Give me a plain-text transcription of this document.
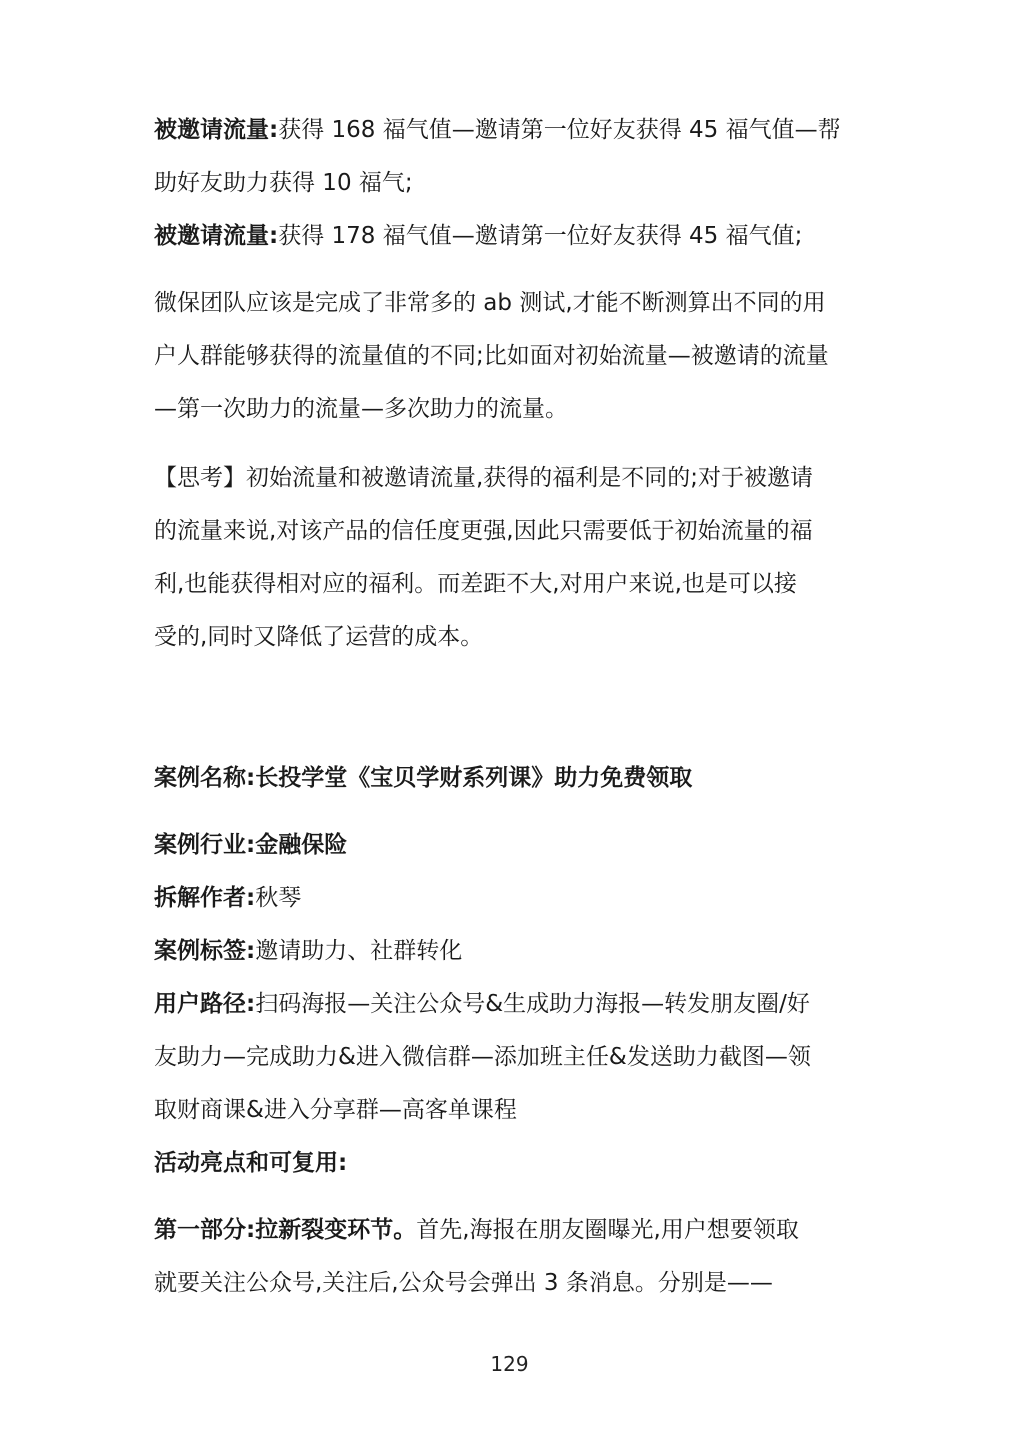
被邀请流量:获得 168 福气值—邀请第一位好友获得 45 福气值—帮
助好友助力获得 10 福气;
被邀请流量:获得 178 福气值—邀请第一位好友获得 45 福气值;
微保团队应该是完成了非常多的 ab 测试,才能不断测算出不同的用
户人群能够获得的流量值的不同;比如面对初始流量—被邀请的流量
—第一次助力的流量—多次助力的流量。
【思考】初始流量和被邀请流量,获得的福利是不同的;对于被邀请
的流量来说,对该产品的信任度更强,因此只需要低于初始流量的福
利,也能获得相对应的福利。而差距不大,对用户来说,也是可以接
受的,同时又降低了运营的成本。
案例名称:长投学堂《宝贝学财系列课》助力免费领取
案例行业:金融保险
拆解作者:秋琴
案例标签:邀请助力、社群转化
用户路径:扫码海报—关注公众号&生成助力海报—转发朋友圈/好
友助力—完成助力&进入微信群—添加班主任&发送助力截图—领
取财商课&进入分享群—高客单课程
活动亮点和可复用:
第一部分:拉新裂变环节。首先,海报在朋友圈曝光,用户想要领取
就要关注公众号,关注后,公众号会弹出 3 条消息。分别是——
129
